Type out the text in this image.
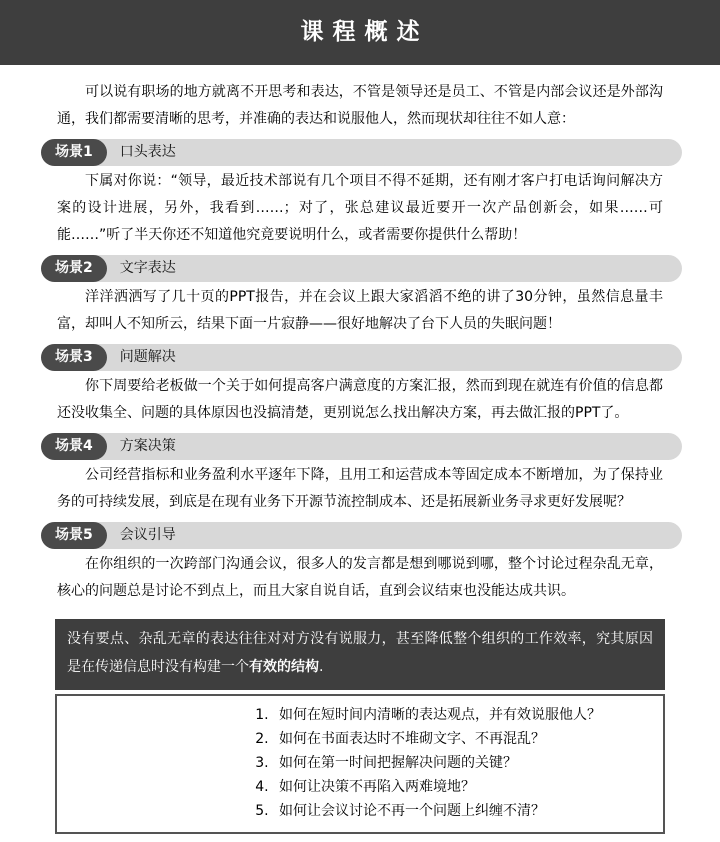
课程概述

可以说有职场的地方就离不开思考和表达，不管是领导还是员工、不管是内部会议还是外部沟通，我们都需要清晰的思考，并准确的表达和说服他人，然而现状却往往不如人意：

场景1	口头表达

下属对你说：“领导，最近技术部说有几个项目不得不延期，还有刚才客户打电话询问解决方案的设计进展，另外，我看到……；对了，张总建议最近要开一次产品创新会，如果……可能……”听了半天你还不知道他究竟要说明什么，或者需要你提供什么帮助！

场景2	文字表达

洋洋洒洒写了几十页的PPT报告，并在会议上跟大家滔滔不绝的讲了30分钟，虽然信息量丰富，却叫人不知所云，结果下面一片寂静——很好地解决了台下人员的失眠问题！

场景3	问题解决

你下周要给老板做一个关于如何提高客户满意度的方案汇报，然而到现在就连有价值的信息都还没收集全、问题的具体原因也没搞清楚，更别说怎么找出解决方案，再去做汇报的PPT了。

场景4	方案决策

公司经营指标和业务盈利水平逐年下降，且用工和运营成本等固定成本不断增加，为了保持业务的可持续发展，到底是在现有业务下开源节流控制成本、还是拓展新业务寻求更好发展呢？

场景5	会议引导

在你组织的一次跨部门沟通会议，很多人的发言都是想到哪说到哪，整个讨论过程杂乱无章，核心的问题总是讨论不到点上，而且大家自说自话，直到会议结束也没能达成共识。

没有要点、杂乱无章的表达往往对对方没有说服力，甚至降低整个组织的工作效率，究其原因是在传递信息时没有构建一个有效的结构.
1. 如何在短时间内清晰的表达观点，并有效说服他人？
2. 如何在书面表达时不堆砌文字、不再混乱？
3. 如何在第一时间把握解决问题的关键？
4. 如何让决策不再陷入两难境地？
5. 如何让会议讨论不再一个问题上纠缠不清？
